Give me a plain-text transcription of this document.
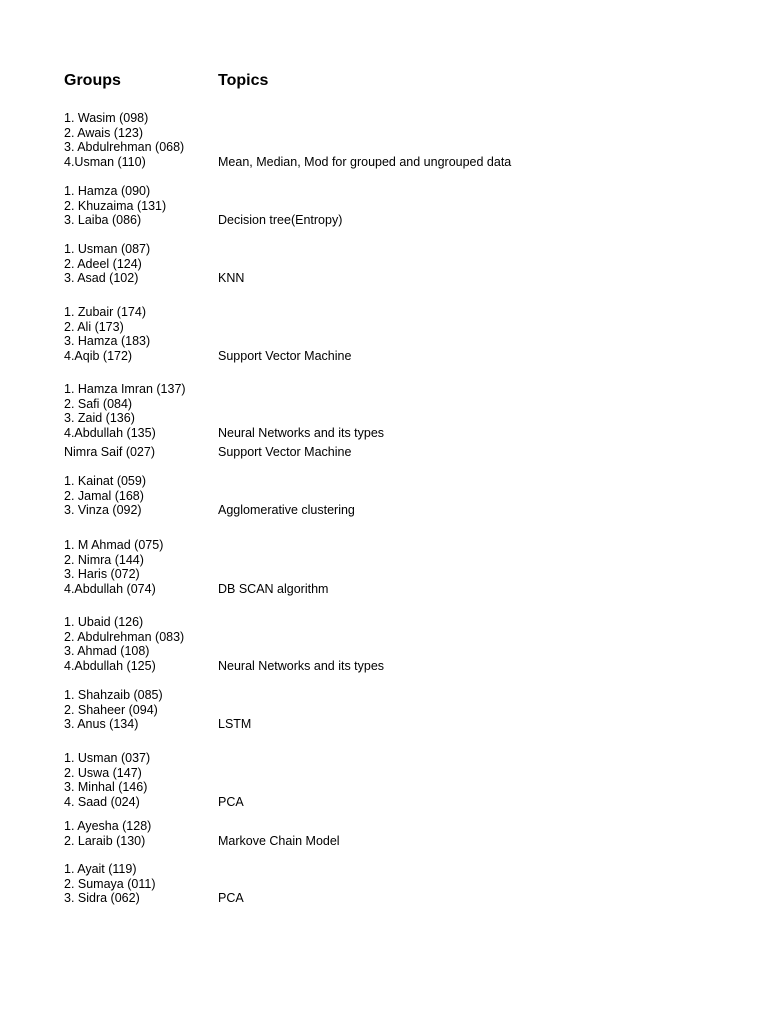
Groups	Topics
1. Wasim (098)
2. Awais (123)
3. Abdulrehman (068)
4.Usman (110)	Mean, Median, Mod for grouped and ungrouped data
1. Hamza (090)
2. Khuzaima (131)
3. Laiba (086)	Decision tree(Entropy)
1. Usman (087)
2. Adeel (124)
3. Asad (102)	KNN
1. Zubair (174)
2. Ali (173)
3. Hamza (183)
4.Aqib (172)	Support Vector Machine
1. Hamza Imran (137)
2. Safi (084)
3. Zaid (136)
4.Abdullah (135)	Neural Networks and its types
Nimra Saif (027)	Support Vector Machine
1. Kainat (059)
2. Jamal (168)
3. Vinza (092)	Agglomerative clustering
1. M Ahmad (075)
2. Nimra (144)
3. Haris (072)
4.Abdullah (074)	DB SCAN algorithm
1. Ubaid (126)
2. Abdulrehman (083)
3. Ahmad (108)
4.Abdullah (125)	Neural Networks and its types
1. Shahzaib (085)
2. Shaheer (094)
3. Anus (134)	LSTM
1. Usman (037)
2. Uswa (147)
3. Minhal (146)
4. Saad (024)	PCA
1. Ayesha (128)
2. Laraib (130)	Markove Chain Model
1. Ayait (119)
2. Sumaya (011)
3. Sidra (062)	PCA
